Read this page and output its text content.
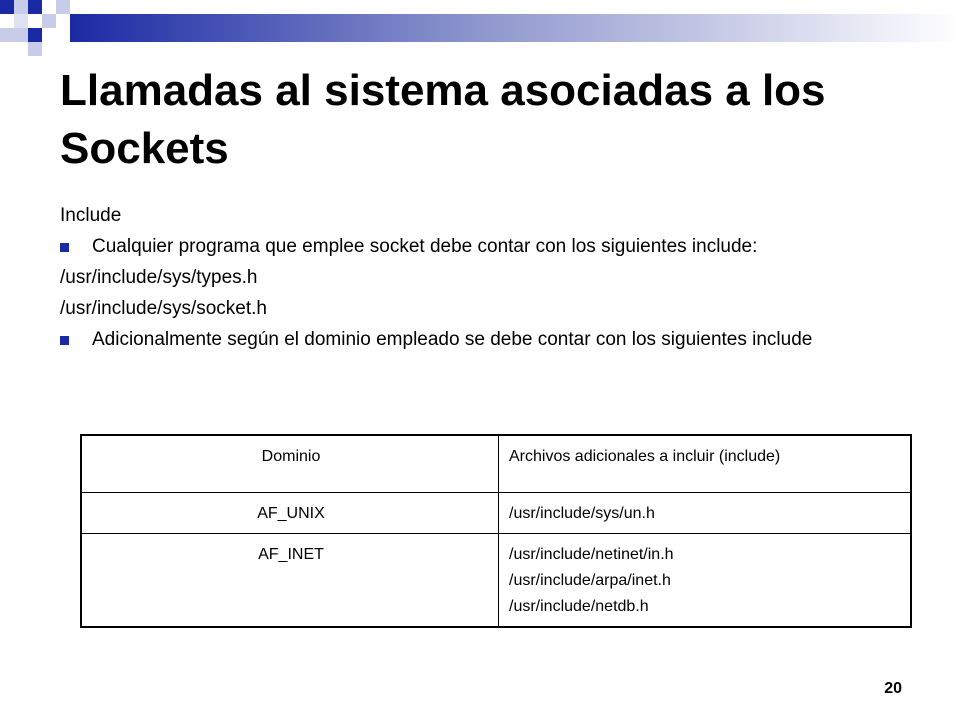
Llamadas al sistema asociadas a los Sockets

Include

Cualquier programa que emplee socket debe contar con los siguientes include:

/usr/include/sys/types.h

/usr/include/sys/socket.h

Adicionalmente según el dominio empleado se debe contar con los siguientes include
Dominio	Archivos adicionales a incluir (include)
AF_UNIX	/usr/include/sys/un.h

AF_INET	/usr/include/netinet/in.h
/usr/include/arpa/inet.h
/usr/include/netdb.h
20
